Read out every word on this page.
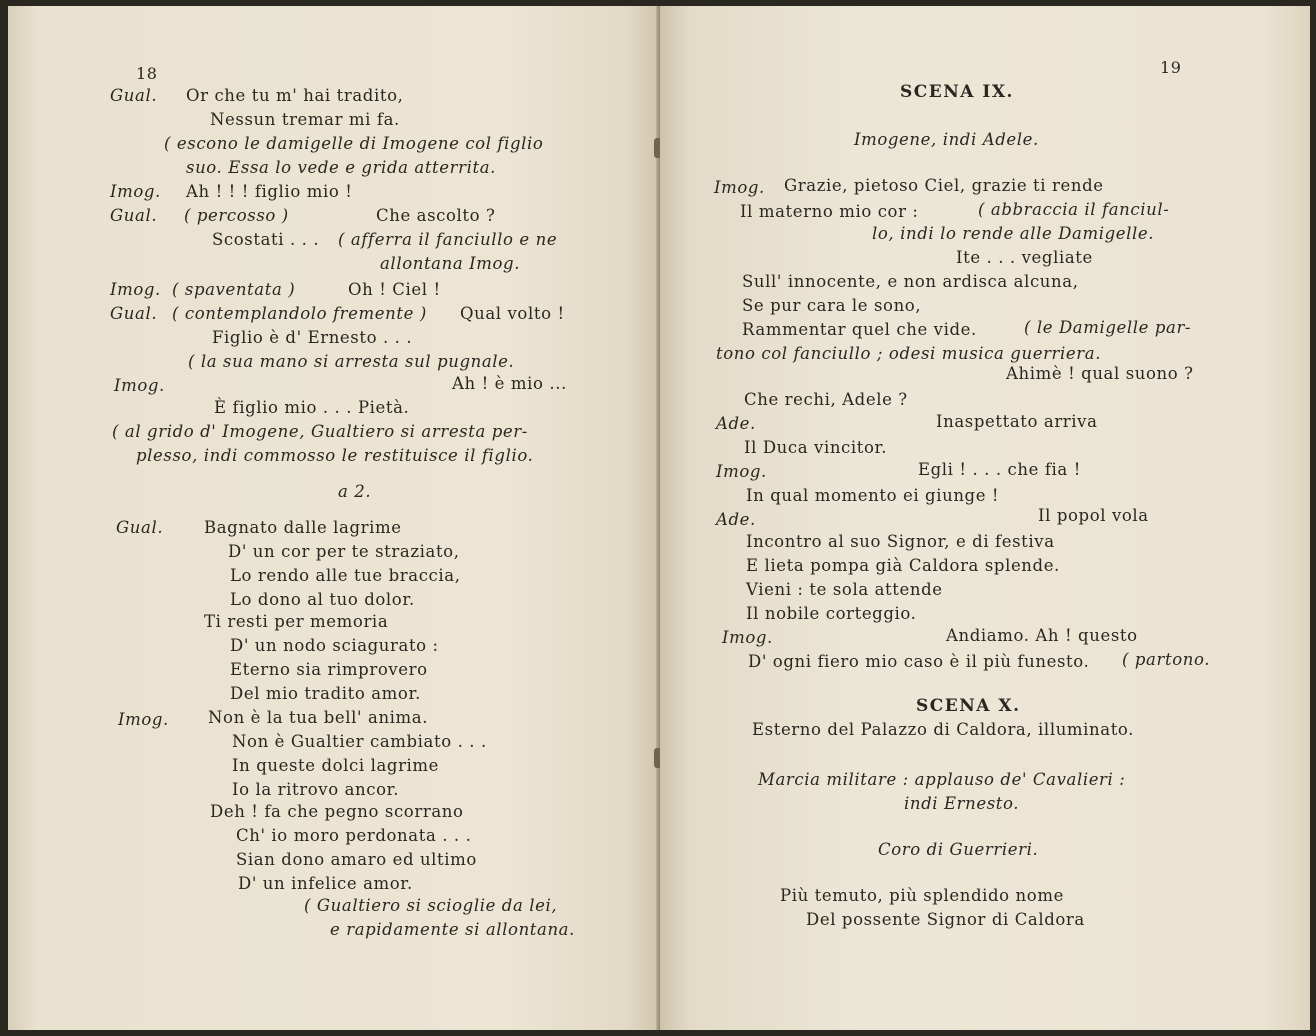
18
Gual. Or che tu m' hai tradito,
Nessun tremar mi fa.
( escono le damigelle di Imogene col figlio
suo. Essa lo vede e grida atterrita.
Imog. Ah ! ! ! figlio mio !
Gual. ( percosso )	Che ascolto ?
Scostati . . . ( afferra il fanciullo e ne
allontana Imog.
Imog. ( spaventata )	Oh ! Ciel !
Gual. ( contemplandolo fremente ) Qual volto !
Figlio è d' Ernesto . . .
( la sua mano si arresta sul pugnale.
Imog.	Ah ! è mio ...
È figlio mio . . . Pietà.
( al grido d' Imogene, Gualtiero si arresta per-
plesso, indi commosso le restituisce il figlio.
a 2.
Gual. Bagnato dalle lagrime
D' un cor per te straziato,
Lo rendo alle tue braccia,
Lo dono al tuo dolor.
Ti resti per memoria
D' un nodo sciagurato :
Eterno sia rimprovero
Del mio tradito amor.
Imog. Non è la tua bell' anima.
Non è Gualtier cambiato . . .
In queste dolci lagrime
Io la ritrovo ancor.
Deh ! fa che pegno scorrano
Ch' io moro perdonata . . .
Sian dono amaro ed ultimo
D' un infelice amor.
( Gualtiero si scioglie da lei,
e rapidamente si allontana.
19
SCENA IX.
Imogene, indi Adele.
Imog. Grazie, pietoso Ciel, grazie ti rende
Il materno mio cor :	( abbraccia il fanciul-
lo, indi lo rende alle Damigelle.
Ite . . . vegliate
Sull' innocente, e non ardisca alcuna,
Se pur cara le sono,
Rammentar quel che vide.	( le Damigelle par-
tono col fanciullo ; odesi musica guerriera.
Ahimè ! qual suono ?
Che rechi, Adele ?
Ade.	Inaspettato arriva
Il Duca vincitor.
Imog.	Egli ! . . . che fia !
In qual momento ei giunge !
Ade.	Il popol vola
Incontro al suo Signor, e di festiva
E lieta pompa già Caldora splende.
Vieni : te sola attende
Il nobile corteggio.
Imog.	Andiamo. Ah ! questo
D' ogni fiero mio caso è il più funesto. ( partono.
SCENA X.
Esterno del Palazzo di Caldora, illuminato.
Marcia militare : applauso de' Cavalieri :
indi Ernesto.
Coro di Guerrieri.
Più temuto, più splendido nome
Del possente Signor di Caldora
